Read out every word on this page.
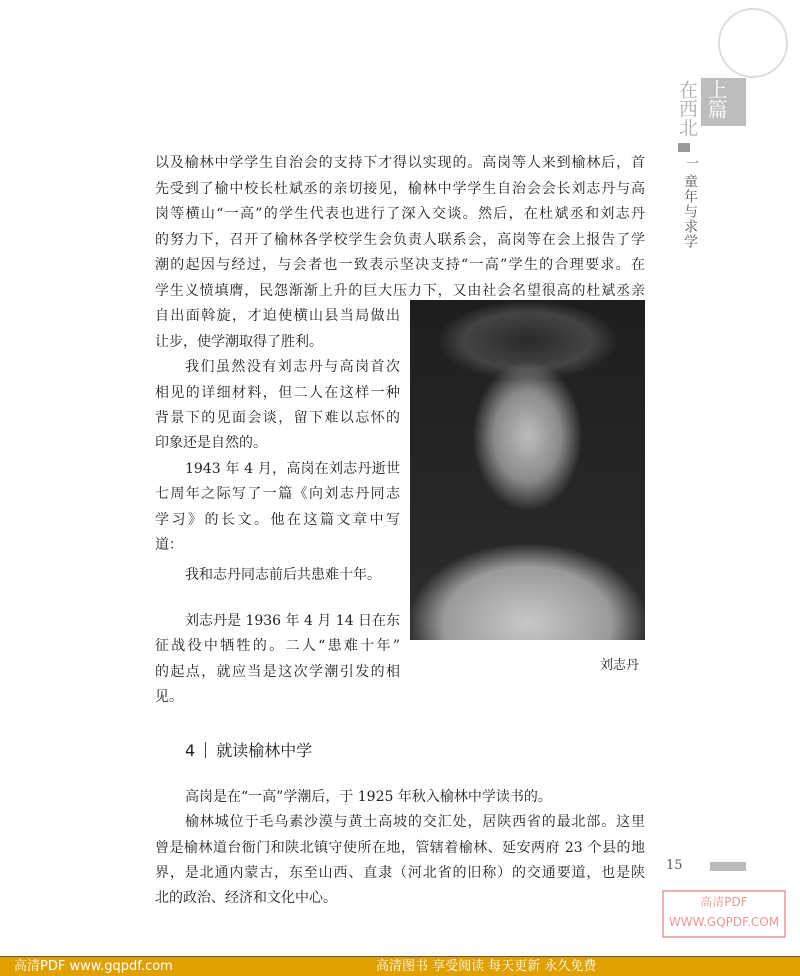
上篇
在西北
一
童年与求学
以及榆林中学学生自治会的支持下才得以实现的。高岗等人来到榆林后，首
先受到了榆中校长杜斌丞的亲切接见，榆林中学学生自治会会长刘志丹与高
岗等横山“一高”的学生代表也进行了深入交谈。然后，在杜斌丞和刘志丹
的努力下，召开了榆林各学校学生会负责人联系会，高岗等在会上报告了学
潮的起因与经过，与会者也一致表示坚决支持“一高”学生的合理要求。在
学生义愤填膺，民怨渐渐上升的巨大压力下，又由社会名望很高的杜斌丞亲
自出面斡旋，才迫使横山县当局做出
让步，使学潮取得了胜利。
我们虽然没有刘志丹与高岗首次
相见的详细材料，但二人在这样一种
背景下的见面会谈，留下难以忘怀的
印象还是自然的。
1943 年 4 月，高岗在刘志丹逝世
七周年之际写了一篇《向刘志丹同志
学习》的长文。他在这篇文章中写
道：
我和志丹同志前后共患难十年。
刘志丹是 1936 年 4 月 14 日在东
征战役中牺牲的。二人“患难十年”
的起点，就应当是这次学潮引发的相
见。
刘志丹
4 就读榆林中学
高岗是在“一高”学潮后，于 1925 年秋入榆林中学读书的。
榆林城位于毛乌素沙漠与黄土高坡的交汇处，居陕西省的最北部。这里
曾是榆林道台衙门和陕北镇守使所在地，管辖着榆林、延安两府 23 个县的地
界，是北通内蒙古，东至山西、直隶（河北省的旧称）的交通要道，也是陕
北的政治、经济和文化中心。	高清PDF
WWW.GQPDF.COM
15
高清PDF www.gqpdf.com	高清图书 享受阅读 每天更新 永久免费
